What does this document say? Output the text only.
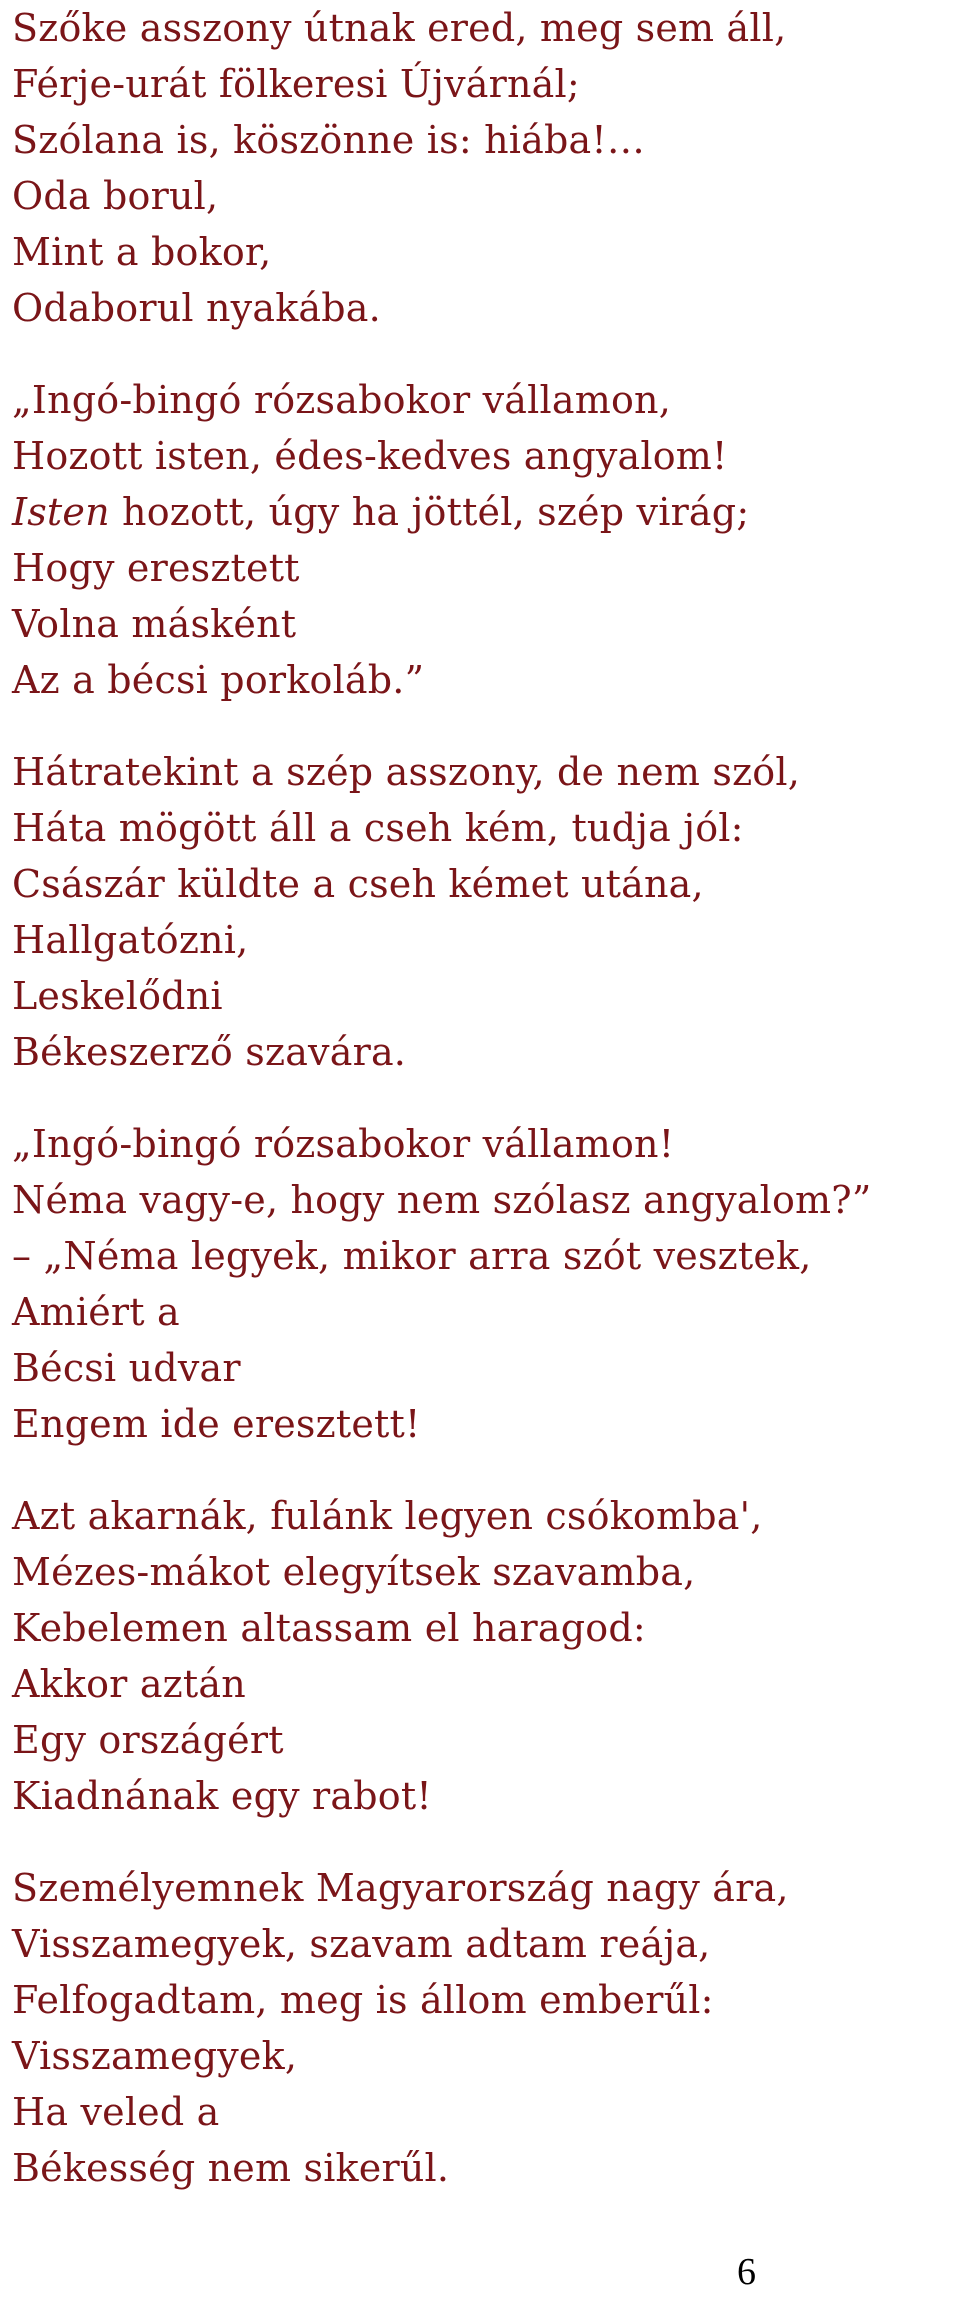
Szőke asszony útnak ered, meg sem áll,
Férje-urát fölkeresi Újvárnál;
Szólana is, köszönne is: hiába!…
Oda borul,
Mint a bokor,
Odaborul nyakába.
„Ingó-bingó rózsabokor vállamon,
Hozott isten, édes-kedves angyalom!
Isten hozott, úgy ha jöttél, szép virág;
Hogy eresztett
Volna másként
Az a bécsi porkoláb.”
Hátratekint a szép asszony, de nem szól,
Háta mögött áll a cseh kém, tudja jól:
Császár küldte a cseh kémet utána,
Hallgatózni,
Leskelődni
Békeszerző szavára.
„Ingó-bingó rózsabokor vállamon!
Néma vagy-e, hogy nem szólasz angyalom?”
– „Néma legyek, mikor arra szót vesztek,
Amiért a
Bécsi udvar
Engem ide eresztett!
Azt akarnák, fulánk legyen csókomba',
Mézes-mákot elegyítsek szavamba,
Kebelemen altassam el haragod:
Akkor aztán
Egy országért
Kiadnának egy rabot!
Személyemnek Magyarország nagy ára,
Visszamegyek, szavam adtam reája,
Felfogadtam, meg is állom emberűl:
Visszamegyek,
Ha veled a
Békesség nem sikerűl.
6
